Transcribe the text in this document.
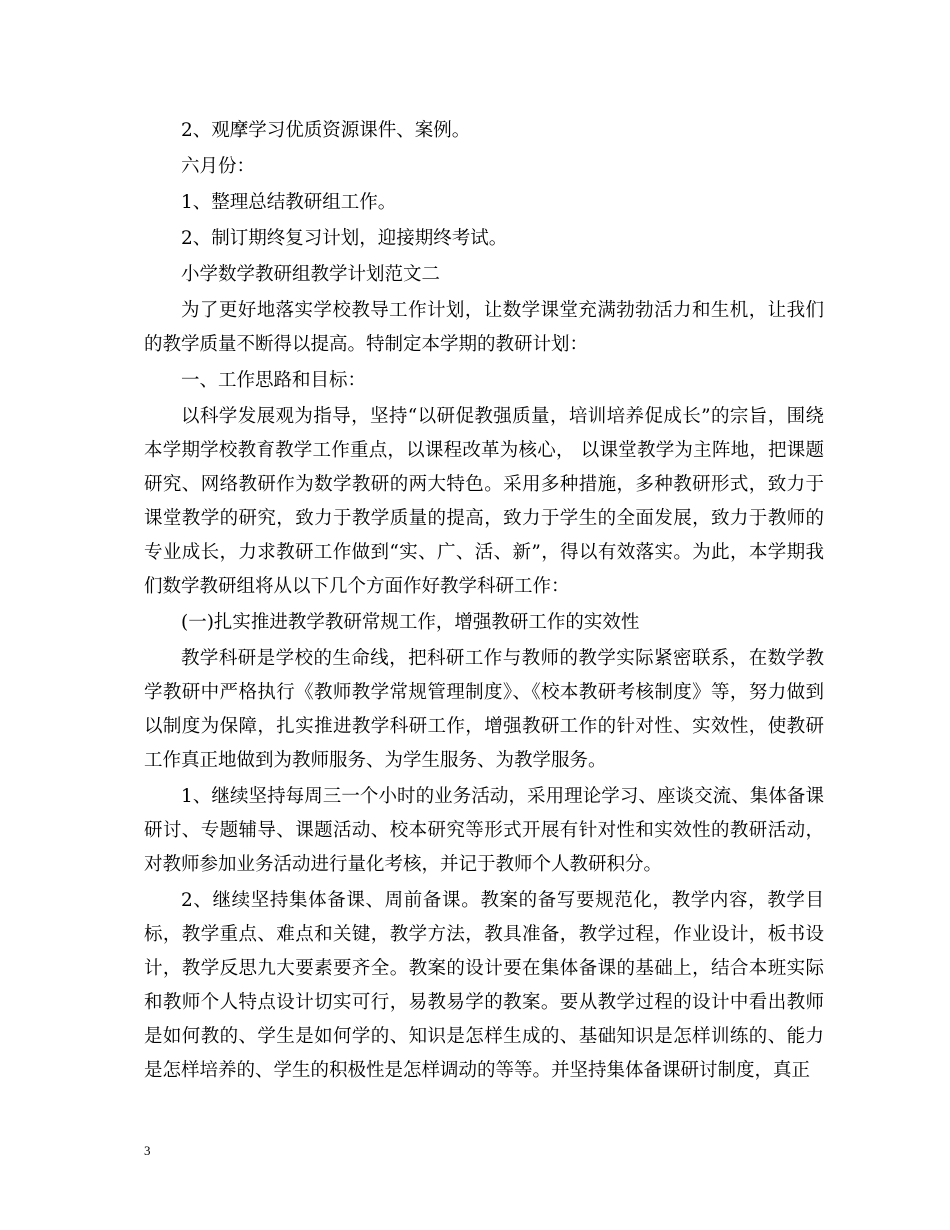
2、观摩学习优质资源课件、案例。

六月份：

1、整理总结教研组工作。

2、制订期终复习计划，迎接期终考试。

小学数学教研组教学计划范文二

为了更好地落实学校教导工作计划，让数学课堂充满勃勃活力和生机，让我们的教学质量不断得以提高。特制定本学期的教研计划：

一、工作思路和目标：

以科学发展观为指导，坚持“以研促教强质量，培训培养促成长”的宗旨，围绕本学期学校教育教学工作重点，以课程改革为核心， 以课堂教学为主阵地，把课题研究、网络教研作为数学教研的两大特色。采用多种措施，多种教研形式，致力于课堂教学的研究，致力于教学质量的提高，致力于学生的全面发展，致力于教师的专业成长，力求教研工作做到“实、广、活、新”，得以有效落实。为此，本学期我们数学教研组将从以下几个方面作好教学科研工作：

(一)扎实推进教学教研常规工作，增强教研工作的实效性

教学科研是学校的生命线，把科研工作与教师的教学实际紧密联系，在数学教学教研中严格执行《教师教学常规管理制度》、《校本教研考核制度》等，努力做到以制度为保障，扎实推进教学科研工作，增强教研工作的针对性、实效性，使教研工作真正地做到为教师服务、为学生服务、为教学服务。

1、继续坚持每周三一个小时的业务活动，采用理论学习、座谈交流、集体备课研讨、专题辅导、课题活动、校本研究等形式开展有针对性和实效性的教研活动，对教师参加业务活动进行量化考核，并记于教师个人教研积分。

2、继续坚持集体备课、周前备课。教案的备写要规范化，教学内容，教学目标，教学重点、难点和关键，教学方法，教具准备，教学过程，作业设计，板书设计，教学反思九大要素要齐全。教案的设计要在集体备课的基础上，结合本班实际和教师个人特点设计切实可行，易教易学的教案。要从教学过程的设计中看出教师是如何教的、学生是如何学的、知识是怎样生成的、基础知识是怎样训练的、能力是怎样培养的、学生的积极性是怎样调动的等等。并坚持集体备课研讨制度，真正

3
